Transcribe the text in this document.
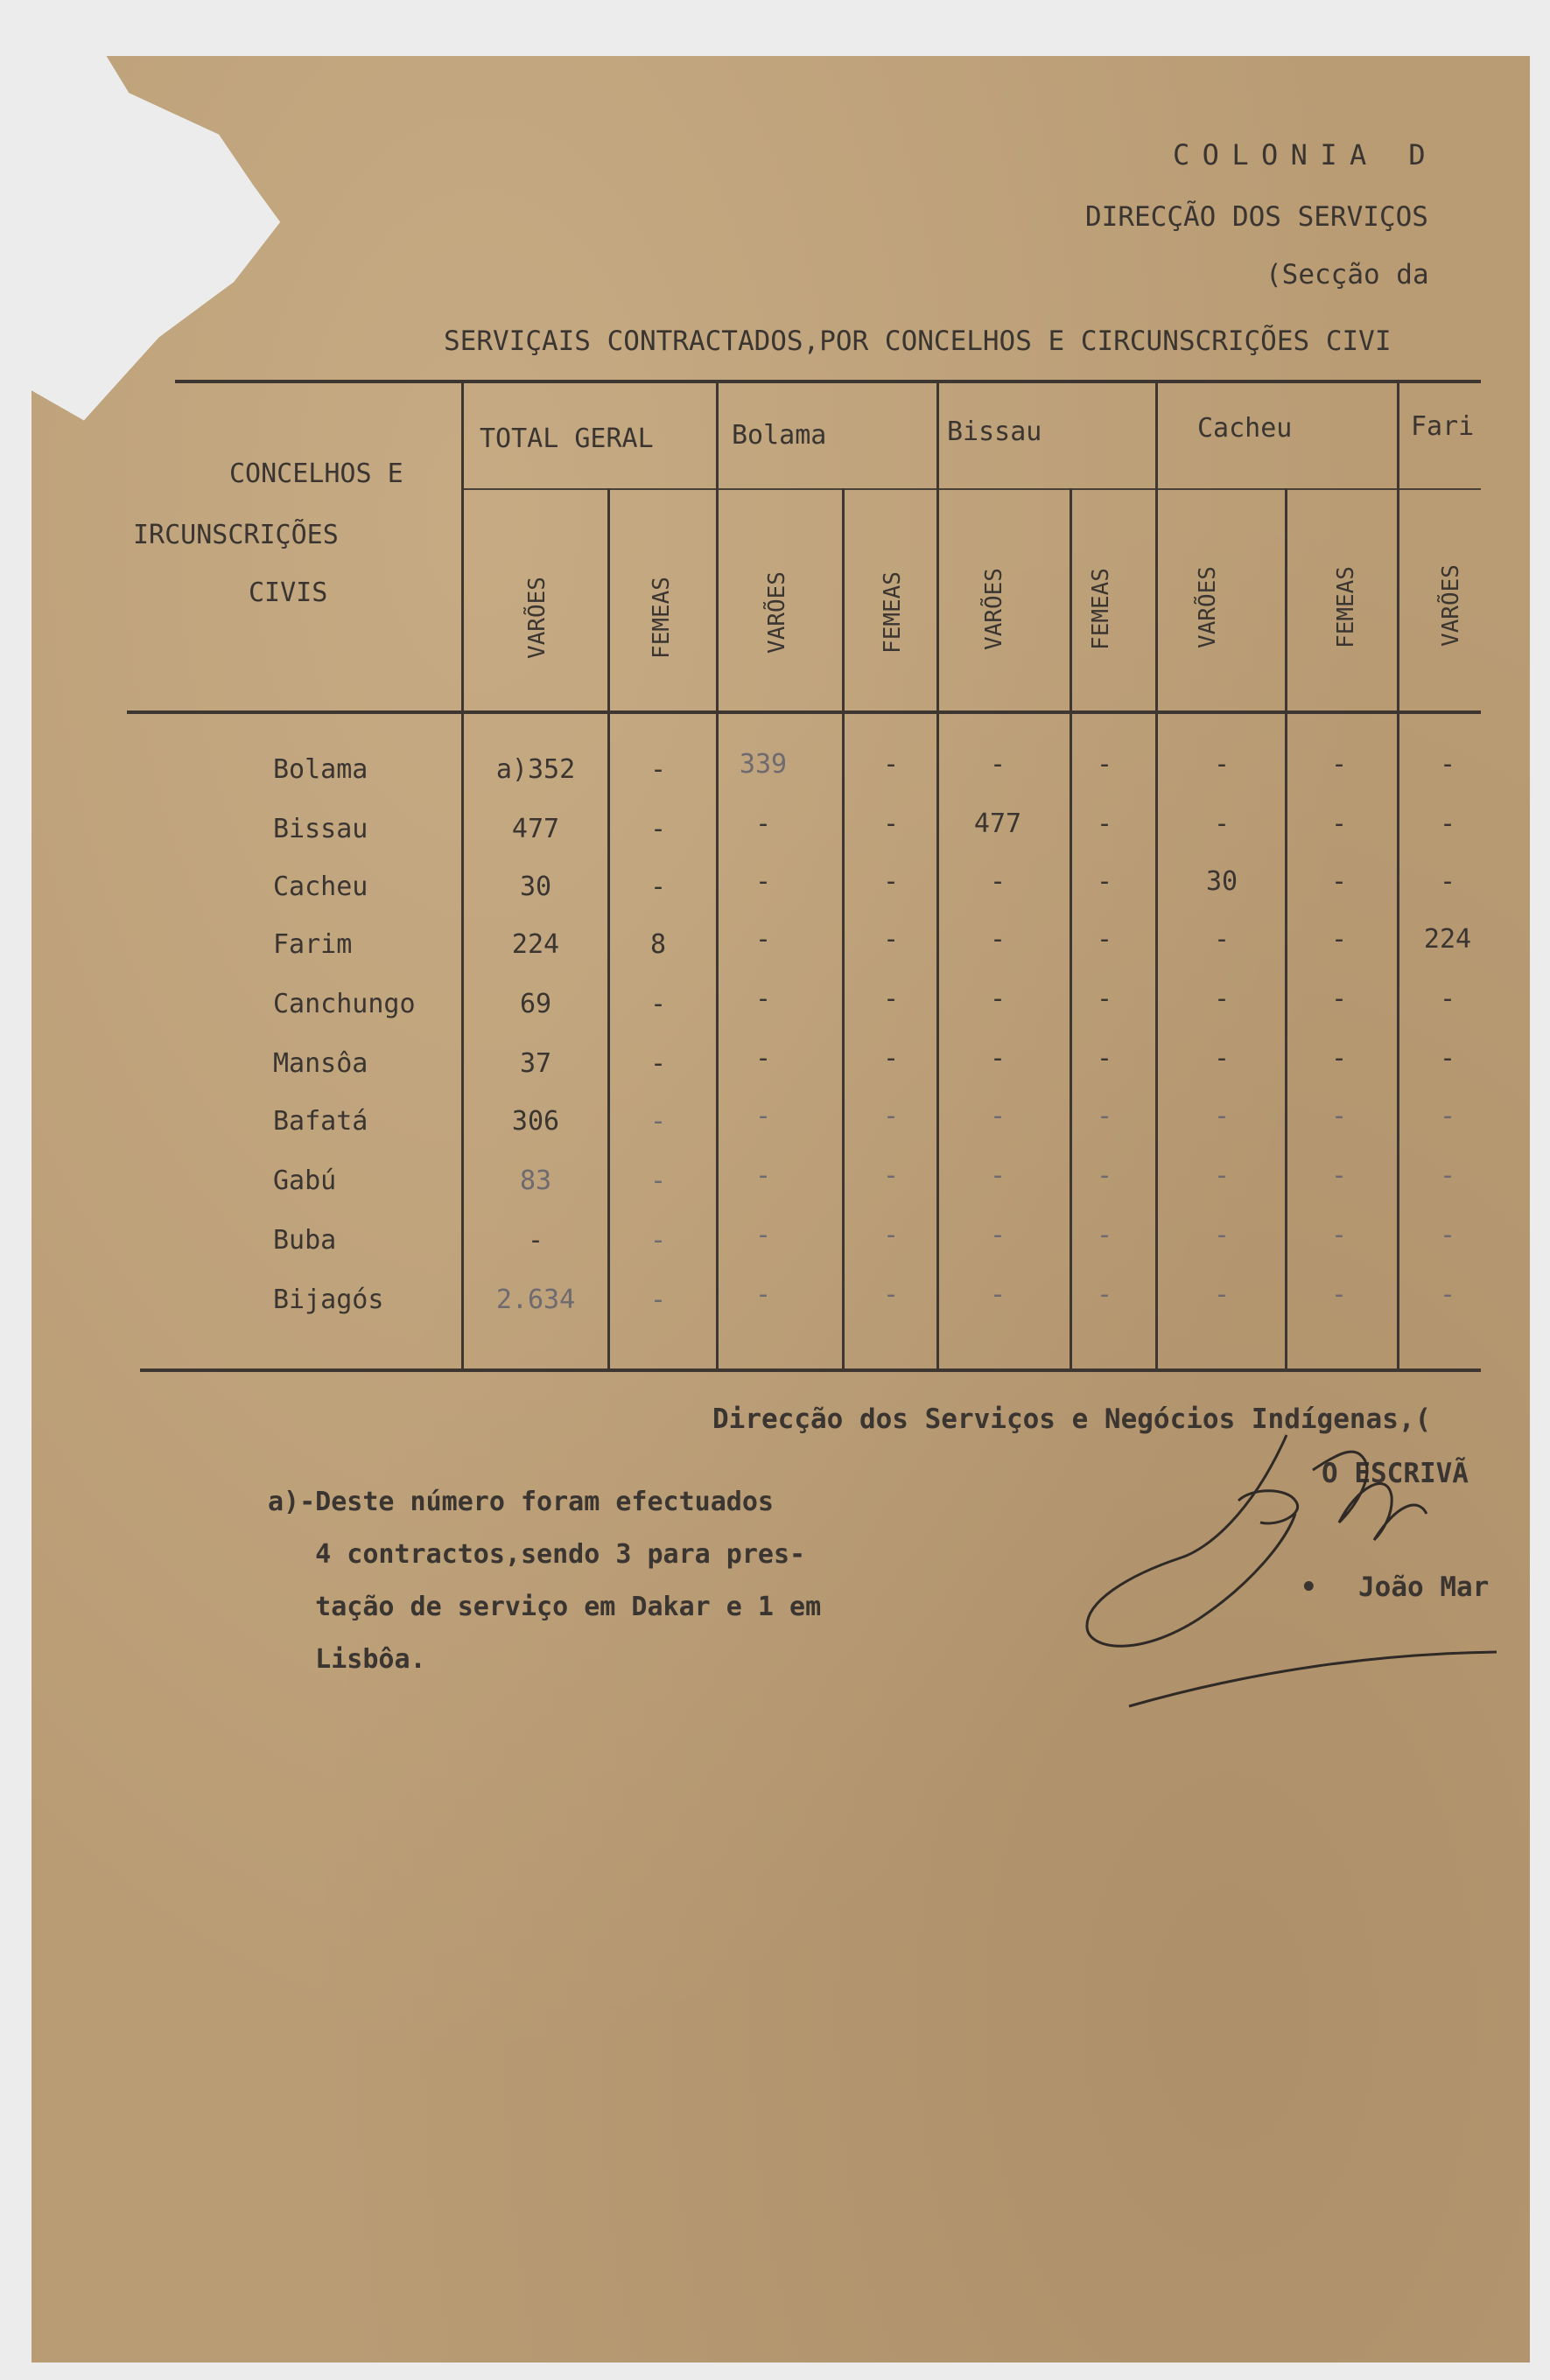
COLONIA D
DIRECÇÃO DOS SERVIÇOS
(Secção da
SERVIÇAIS CONTRACTADOS,POR CONCELHOS E CIRCUNSCRIÇÕES CIVI
CONCELHOS E
IRCUNSCRIÇÕES
CIVIS
TOTAL GERAL	Bolama	Bissau	Cacheu	Fari
VARÕES	FEMEAS	VARÕES	FEMEAS	VARÕES	FEMEAS	VARÕES	FEMEAS	VARÕES
Bolama	a)352	-	339	-	-	-	-	-	-
Bissau	477	-	-	-	477	-	-	-	-
Cacheu	30	-	-	-	-	-	30	-	-
Farim	224	8	-	-	-	-	-	-	224
Canchungo	69	-	-	-	-	-	-	-	-
Mansôa	37	-	-	-	-	-	-	-	-
Bafatá	306	-	-	-	-	-	-	-	-
Gabú	83	-	-	-	-	-	-	-	-
Buba	-	-	-	-	-	-	-	-	-
Bijagós	2.634	-	-	-	-	-	-	-	-
Direcção dos Serviços e Negócios Indígenas,(
O ESCRIVÃ
• João Mar

a)-Deste número foram efectuados

4 contractos,sendo 3 para pres-

tação de serviço em Dakar e 1 em

Lisbôa.
